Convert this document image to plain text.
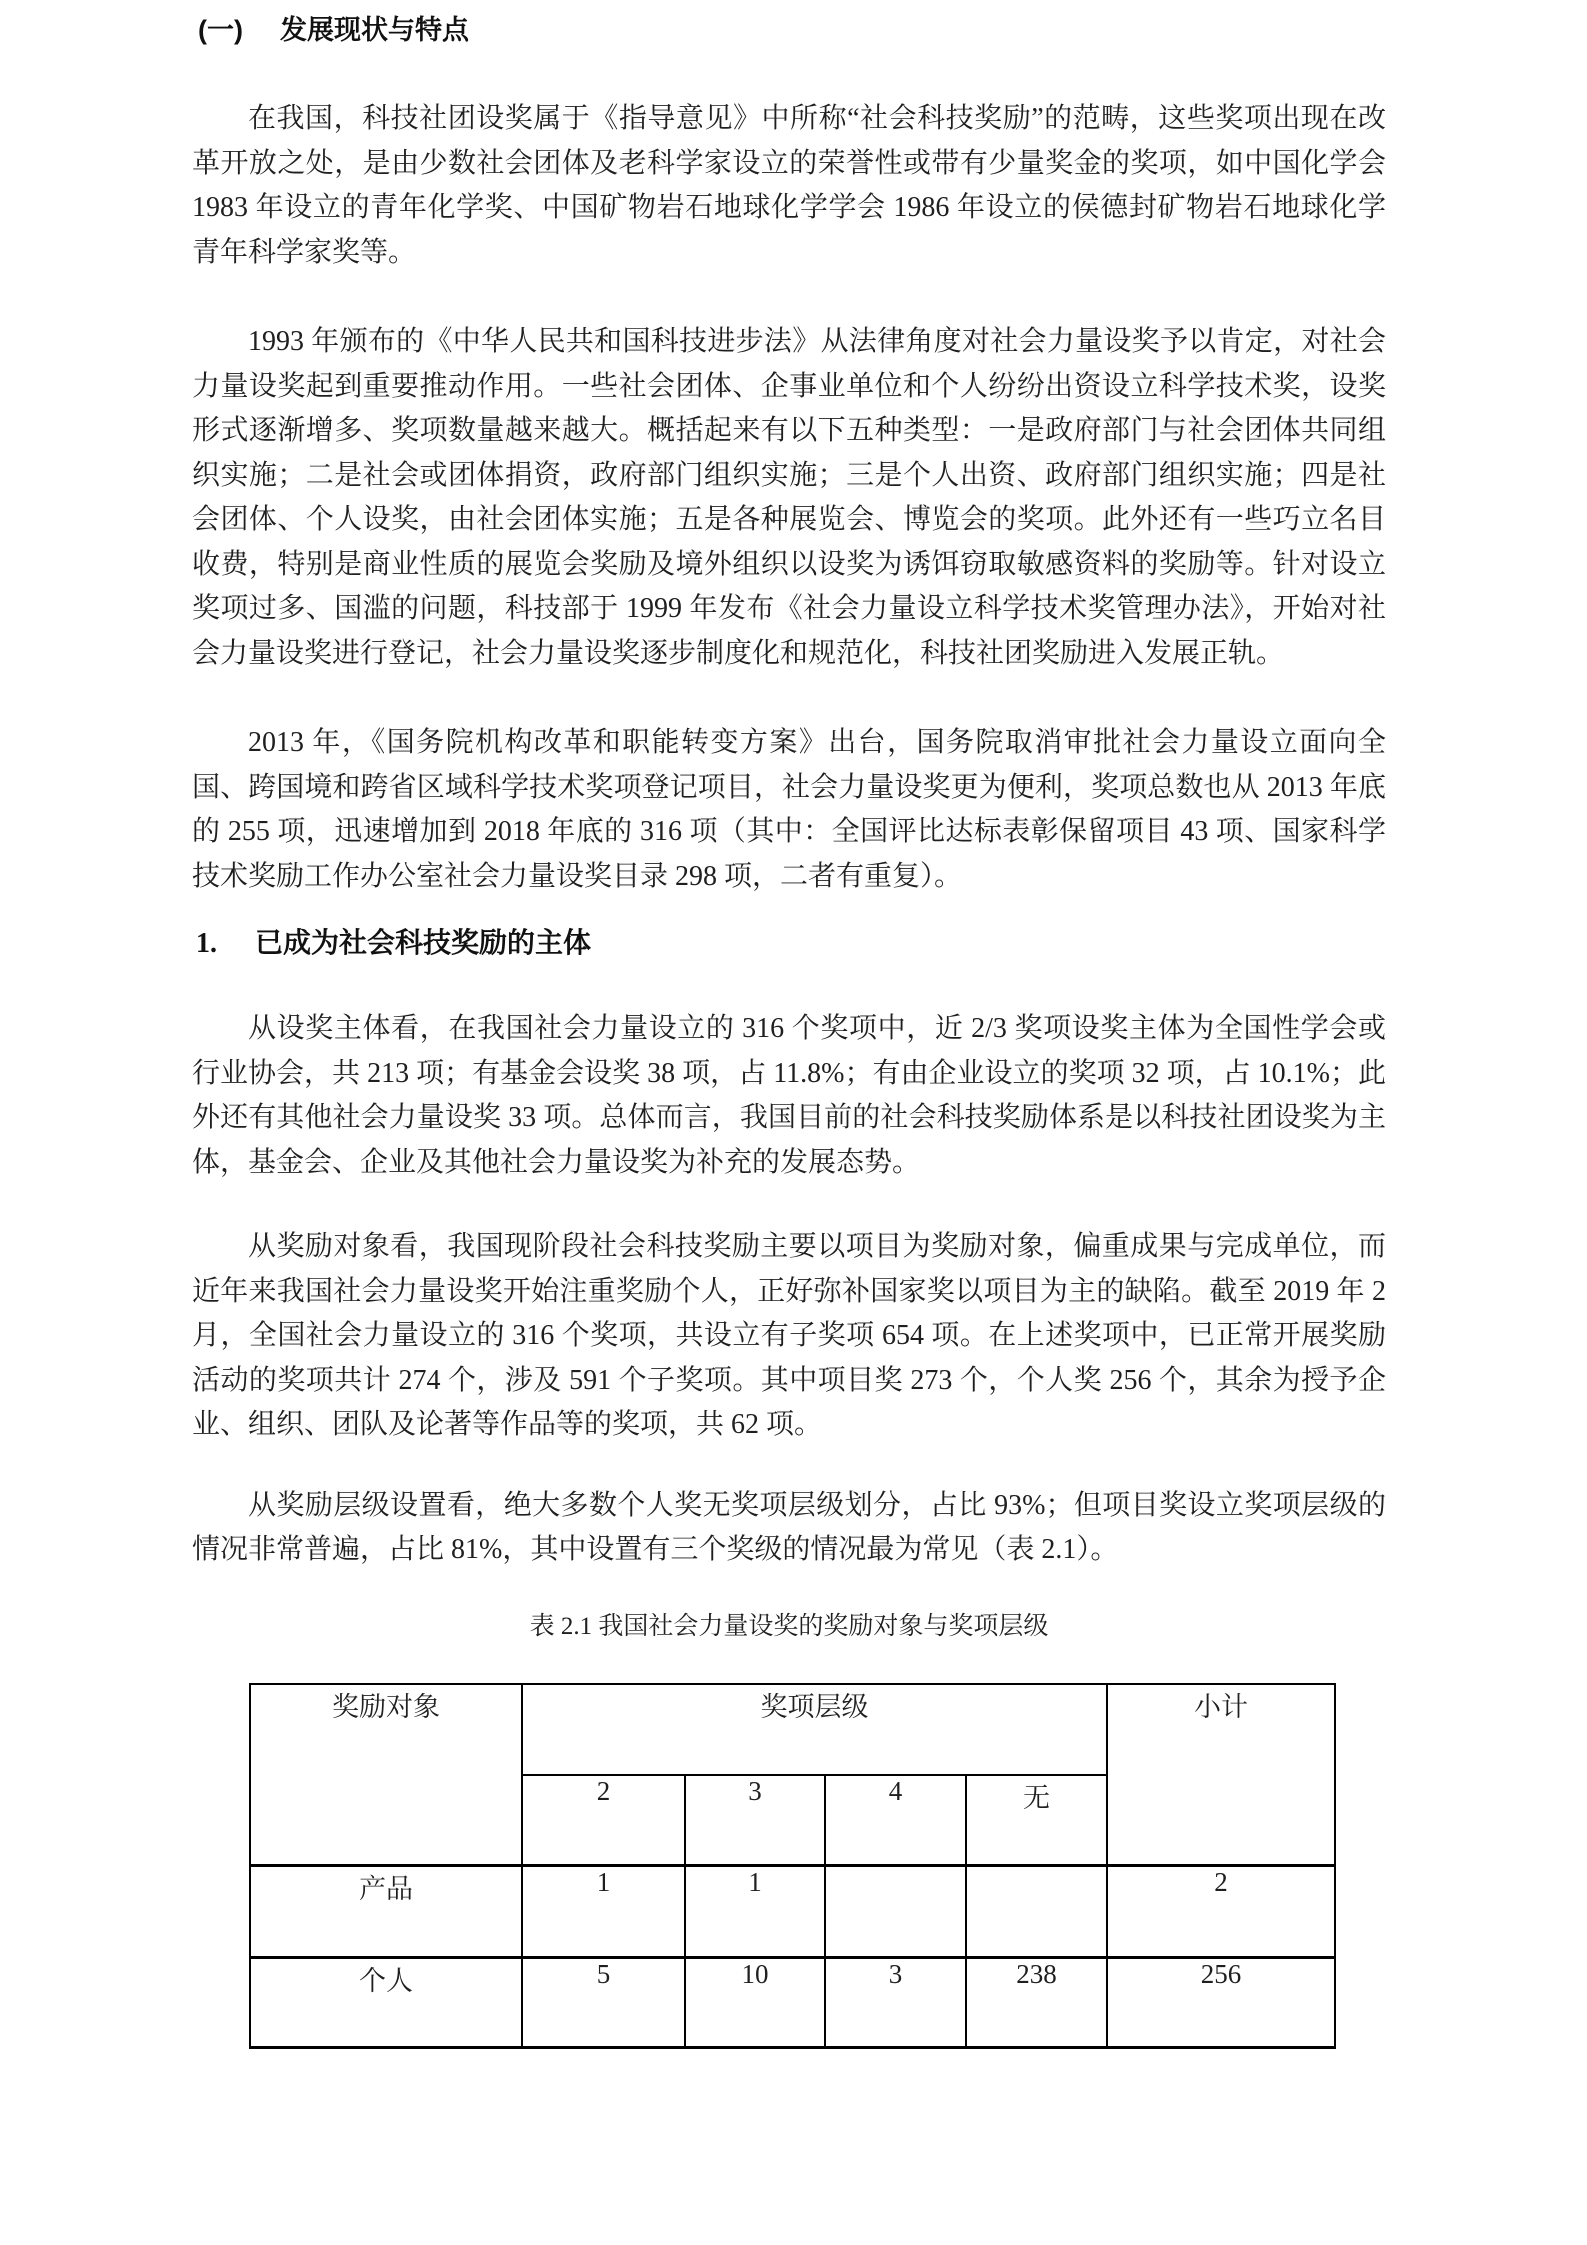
(一) 发展现状与特点

在我国，科技社团设奖属于《指导意见》中所称“社会科技奖励”的范畴，这些奖项出现在改革开放之处，是由少数社会团体及老科学家设立的荣誉性或带有少量奖金的奖项，如中国化学会 1983 年设立的青年化学奖、中国矿物岩石地球化学学会 1986 年设立的侯德封矿物岩石地球化学青年科学家奖等。

1993 年颁布的《中华人民共和国科技进步法》从法律角度对社会力量设奖予以肯定，对社会力量设奖起到重要推动作用。一些社会团体、企事业单位和个人纷纷出资设立科学技术奖，设奖形式逐渐增多、奖项数量越来越大。概括起来有以下五种类型：一是政府部门与社会团体共同组织实施；二是社会或团体捐资，政府部门组织实施；三是个人出资、政府部门组织实施；四是社会团体、个人设奖，由社会团体实施；五是各种展览会、博览会的奖项。此外还有一些巧立名目收费，特别是商业性质的展览会奖励及境外组织以设奖为诱饵窃取敏感资料的奖励等。针对设立奖项过多、国滥的问题，科技部于 1999 年发布《社会力量设立科学技术奖管理办法》，开始对社会力量设奖进行登记，社会力量设奖逐步制度化和规范化，科技社团奖励进入发展正轨。

2013 年，《国务院机构改革和职能转变方案》出台，国务院取消审批社会力量设立面向全国、跨国境和跨省区域科学技术奖项登记项目，社会力量设奖更为便利，奖项总数也从 2013 年底的 255 项，迅速增加到 2018 年底的 316 项（其中：全国评比达标表彰保留项目 43 项、国家科学技术奖励工作办公室社会力量设奖目录 298 项，二者有重复）。

1. 已成为社会科技奖励的主体

从设奖主体看，在我国社会力量设立的 316 个奖项中，近 2/3 奖项设奖主体为全国性学会或行业协会，共 213 项；有基金会设奖 38 项，占 11.8%；有由企业设立的奖项 32 项，占 10.1%；此外还有其他社会力量设奖 33 项。总体而言，我国目前的社会科技奖励体系是以科技社团设奖为主体，基金会、企业及其他社会力量设奖为补充的发展态势。

从奖励对象看，我国现阶段社会科技奖励主要以项目为奖励对象，偏重成果与完成单位，而近年来我国社会力量设奖开始注重奖励个人，正好弥补国家奖以项目为主的缺陷。截至 2019 年 2 月，全国社会力量设立的 316 个奖项，共设立有子奖项 654 项。在上述奖项中，已正常开展奖励活动的奖项共计 274 个，涉及 591 个子奖项。其中项目奖 273 个，个人奖 256 个，其余为授予企业、组织、团队及论著等作品等的奖项，共 62 项。

从奖励层级设置看，绝大多数个人奖无奖项层级划分，占比 93%；但项目奖设立奖项层级的情况非常普遍，占比 81%，其中设置有三个奖级的情况最为常见（表 2.1）。

表 2.1 我国社会力量设奖的奖励对象与奖项层级

奖励对象	奖项层级				小计
	2	3	4	无	
产品	1	1			2
个人	5	10	3	238	256
